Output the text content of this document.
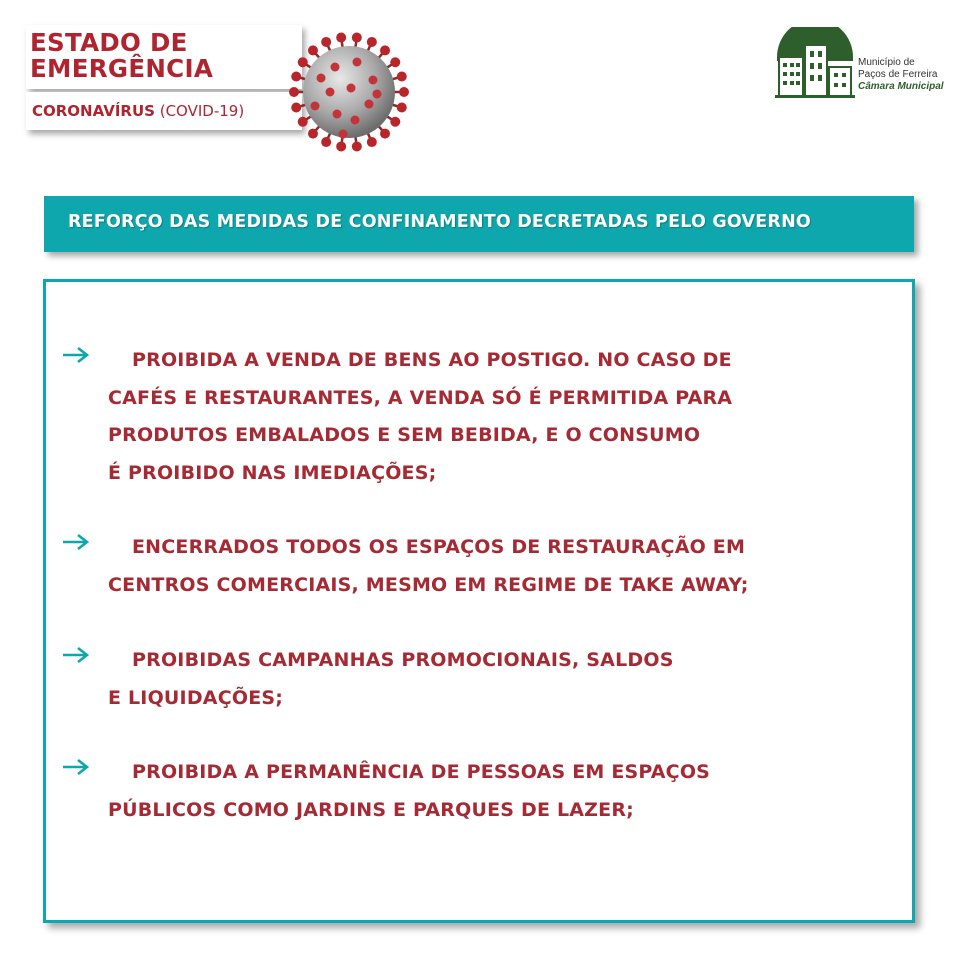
ESTADO DE
EMERGÊNCIA
CORONAVÍRUS (COVID-19)
Município de
Paços de Ferreira
Câmara Municipal
REFORÇO DAS MEDIDAS DE CONFINAMENTO DECRETADAS PELO GOVERNO
PROIBIDA A VENDA DE BENS AO POSTIGO. NO CASO DE
CAFÉS E RESTAURANTES, A VENDA SÓ É PERMITIDA PARA
PRODUTOS EMBALADOS E SEM BEBIDA, E O CONSUMO
É PROIBIDO NAS IMEDIAÇÕES;
ENCERRADOS TODOS OS ESPAÇOS DE RESTAURAÇÃO EM
CENTROS COMERCIAIS, MESMO EM REGIME DE TAKE AWAY;
PROIBIDAS CAMPANHAS PROMOCIONAIS, SALDOS
E LIQUIDAÇÕES;
PROIBIDA A PERMANÊNCIA DE PESSOAS EM ESPAÇOS
PÚBLICOS COMO JARDINS E PARQUES DE LAZER;
